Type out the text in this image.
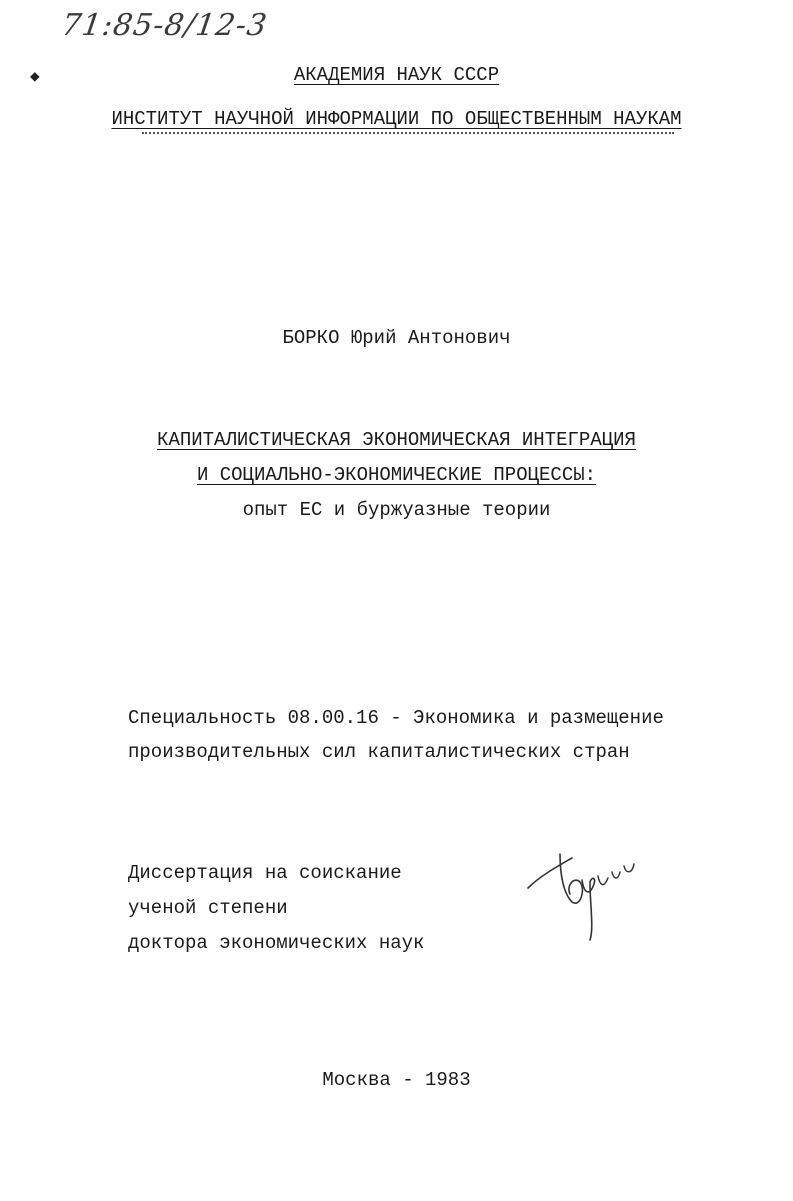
71:85-8/12-3
◆	АКАДЕМИЯ НАУК СССР
ИНСТИТУТ НАУЧНОЙ ИНФОРМАЦИИ ПО ОБЩЕСТВЕННЫМ НАУКАМ
БОРКО Юрий Антонович
КАПИТАЛИСТИЧЕСКАЯ ЭКОНОМИЧЕСКАЯ ИНТЕГРАЦИЯ
И СОЦИАЛЬНО-ЭКОНОМИЧЕСКИЕ ПРОЦЕССЫ:
опыт ЕС и буржуазные теории
Специальность 08.00.16 - Экономика и размещение
производительных сил капиталистических стран
Диссертация на соискание
ученой степени
доктора экономических наук
Москва - 1983
